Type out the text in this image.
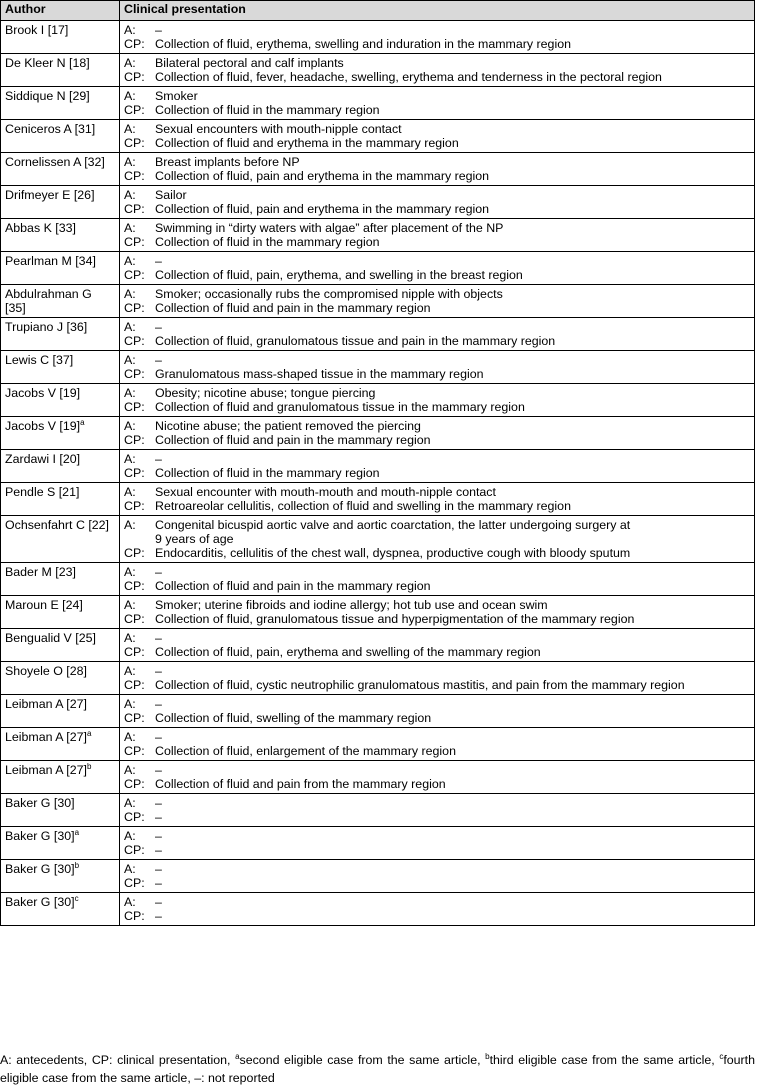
Author	Clinical presentation
Brook I [17]	A: –
CP: Collection of fluid, erythema, swelling and induration in the mammary region

De Kleer N [18]	A: Bilateral pectoral and calf implants
CP: Collection of fluid, fever, headache, swelling, erythema and tenderness in the pectoral region

Siddique N [29]	A: Smoker
CP: Collection of fluid in the mammary region

Ceniceros A [31]	A: Sexual encounters with mouth-nipple contact
CP: Collection of fluid and erythema in the mammary region

Cornelissen A [32]	A: Breast implants before NP
CP: Collection of fluid, pain and erythema in the mammary region

Drifmeyer E [26]	A: Sailor
CP: Collection of fluid, pain and erythema in the mammary region

Abbas K [33]	A: Swimming in “dirty waters with algae” after placement of the NP
CP: Collection of fluid in the mammary region

Pearlman M [34]	A: –
CP: Collection of fluid, pain, erythema, and swelling in the breast region

Abdulrahman G [35]	A: Smoker; occasionally rubs the compromised nipple with objects
CP: Collection of fluid and pain in the mammary region

Trupiano J [36]	A: –
CP: Collection of fluid, granulomatous tissue and pain in the mammary region

Lewis C [37]	A: –
CP: Granulomatous mass-shaped tissue in the mammary region

Jacobs V [19]	A: Obesity; nicotine abuse; tongue piercing
CP: Collection of fluid and granulomatous tissue in the mammary region

Jacobs V $[19]^a$	A: Nicotine abuse; the patient removed the piercing
CP: Collection of fluid and pain in the mammary region

Zardawi I [20]	A: –
CP: Collection of fluid in the mammary region

Pendle S [21]	A: Sexual encounter with mouth-mouth and mouth-nipple contact
CP: Retroareolar cellulitis, collection of fluid and swelling in the mammary region

Ochsenfahrt C [22]	A: Congenital bicuspid aortic valve and aortic coarctation, the latter undergoing surgery at
9 years of age
CP: Endocarditis, cellulitis of the chest wall, dyspnea, productive cough with bloody sputum

Bader M [23]	A: –
CP: Collection of fluid and pain in the mammary region

Maroun E [24]	A: Smoker; uterine fibroids and iodine allergy; hot tub use and ocean swim
CP: Collection of fluid, granulomatous tissue and hyperpigmentation of the mammary region

Bengualid V [25]	A: –
CP: Collection of fluid, pain, erythema and swelling of the mammary region

Shoyele O [28]	A: –
CP: Collection of fluid, cystic neutrophilic granulomatous mastitis, and pain from the mammary region

Leibman A [27]	A: –
CP: Collection of fluid, swelling of the mammary region

Leibman A $[27]^a$	A: –
CP: Collection of fluid, enlargement of the mammary region

Leibman A $[27]^b$	A: –
CP: Collection of fluid and pain from the mammary region

Baker G [30]	A: –
CP: –

Baker G $[30]^a$	A: –
CP: –

Baker G $[30]^b$	A: –
CP: –

Baker G $[30]^c$	A: –
CP: –
A: antecedents, CP: clinical presentation, $^a$second eligible case from the same article, $^b$third eligible case from the same article, $^c$fourth eligible case from the same article, –: not reported
